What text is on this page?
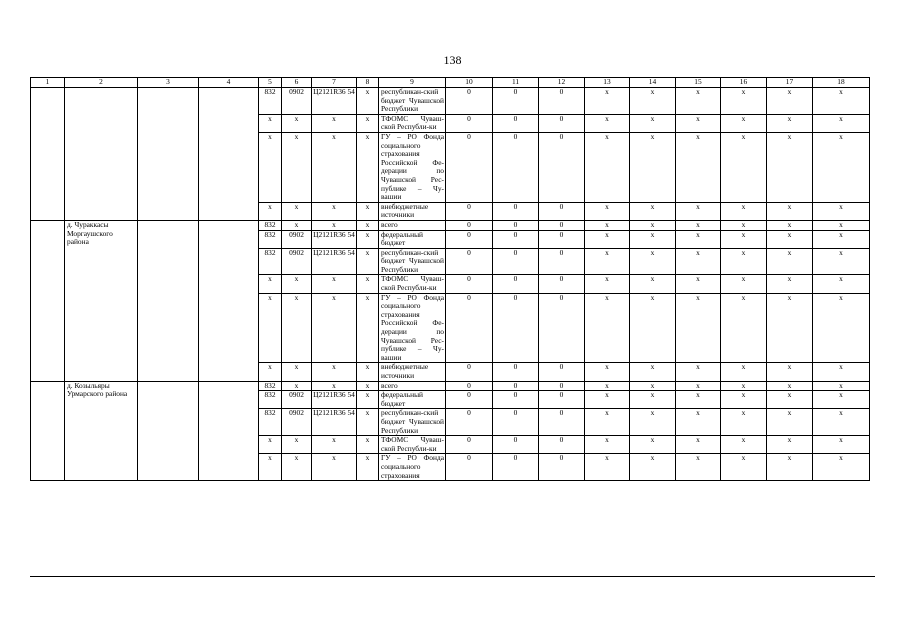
138
1	2	3	4	5	6	7	8	9	10	11	12	13	14	15	16	17	18
				832	0902	Ц2121R36 54	x	республикан-ский бюджет Чувашской Республики	0	0	0	x	x	x	x	x	x
				x	x	x	x	ТФОМС Чуваш-ской Республи-ки	0	0	0	x	x	x	x	x	x
				x	x	x	x	ГУ – РО Фонда социального страхования Российской Фе-дерации по Чувашской Рес-публике – Чу-вашии	0	0	0	x	x	x	x	x	x
				x	x	x	x	внебюджетные источники	0	0	0	x	x	x	x	x	x
	д. Чураккасы Моргаушского района			832	x	x	x	всего	0	0	0	x	x	x	x	x	x
				832	0902	Ц2121R36 54	x	федеральный бюджет	0	0	0	x	x	x	x	x	x
				832	0902	Ц2121R36 54	x	республикан-ский бюджет Чувашской Республики	0	0	0	x	x	x	x	x	x
				x	x	x	x	ТФОМС Чуваш-ской Республи-ки	0	0	0	x	x	x	x	x	x
				x	x	x	x	ГУ – РО Фонда социального страхования Российской Фе-дерации по Чувашской Рес-публике – Чу-вашии	0	0	0	x	x	x	x	x	x
				x	x	x	x	внебюджетные источники	0	0	0	x	x	x	x	x	x
	д. Козыльяры Урмарского района			832	x	x	x	всего	0	0	0	x	x	x	x	x	x
				832	0902	Ц2121R36 54	x	федеральный бюджет	0	0	0	x	x	x	x	x	x
				832	0902	Ц2121R36 54	x	республикан-ский бюджет Чувашской Республики	0	0	0	x	x	x	x	x	x
				x	x	x	x	ТФОМС Чуваш-ской Республи-ки	0	0	0	x	x	x	x	x	x
				x	x	x	x	ГУ – РО Фонда социального страхования	0	0	0	x	x	x	x	x	x
